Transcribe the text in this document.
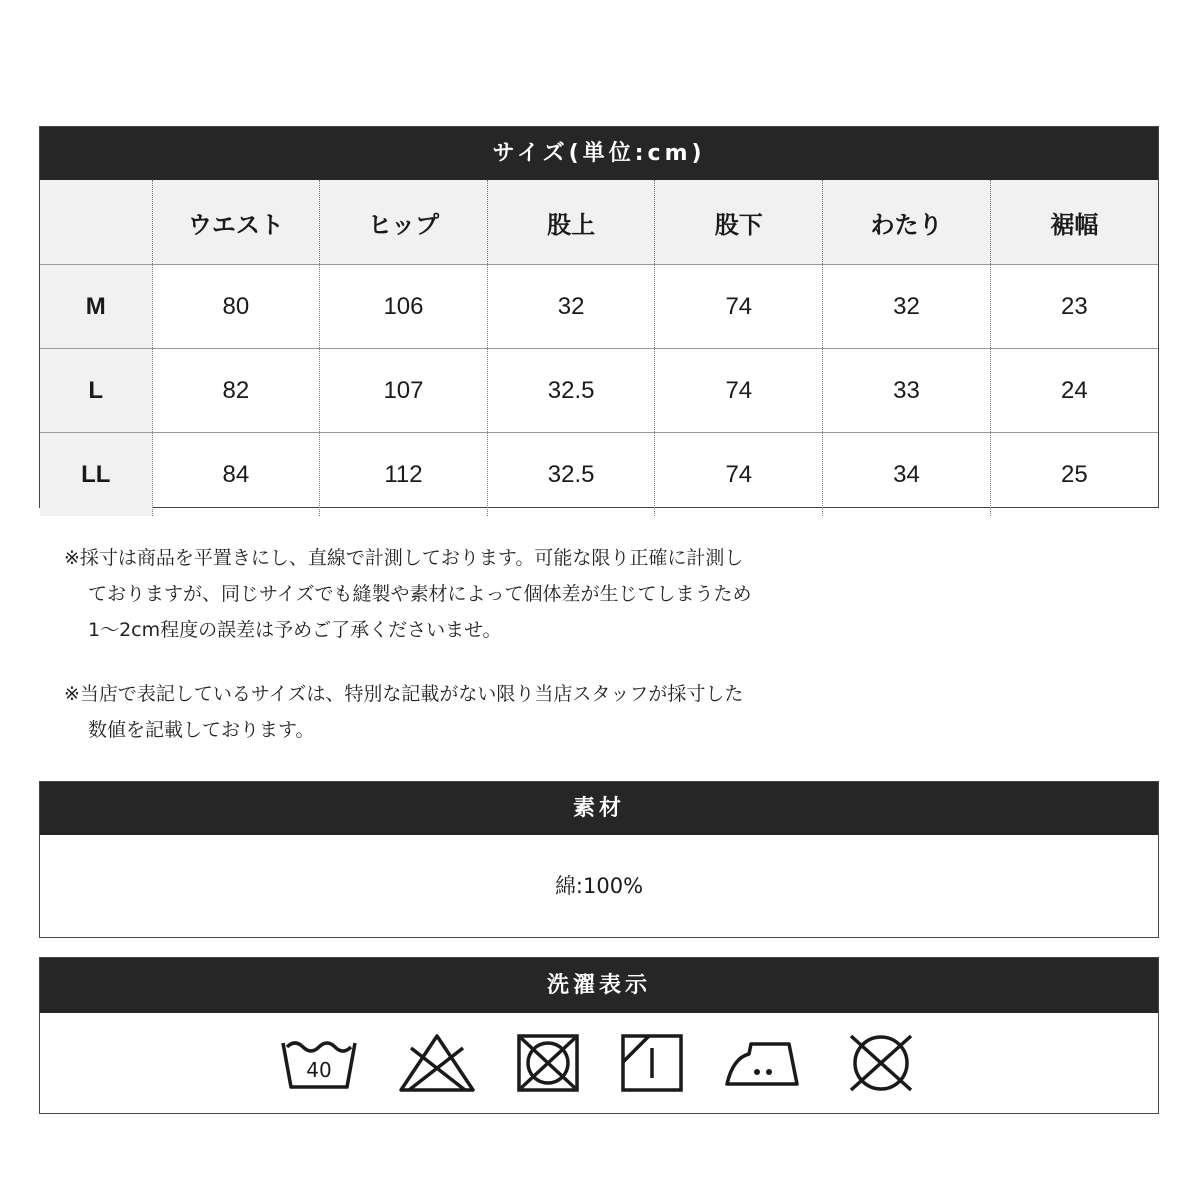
サイズ(単位:cm)
	ウエスト	ヒップ	股上	股下	わたり	裾幅
M	80	106	32	74	32	23
L	82	107	32.5	74	33	24
LL	84	112	32.5	74	34	25

※採寸は商品を平置きにし、直線で計測しております。可能な限り正確に計測し

ておりますが、同じサイズでも縫製や素材によって個体差が生じてしまうため

1〜2cm程度の誤差は予めご了承くださいませ。

※当店で表記しているサイズは、特別な記載がない限り当店スタッフが採寸した

数値を記載しております。

素材
綿:100%
洗濯表示
40
